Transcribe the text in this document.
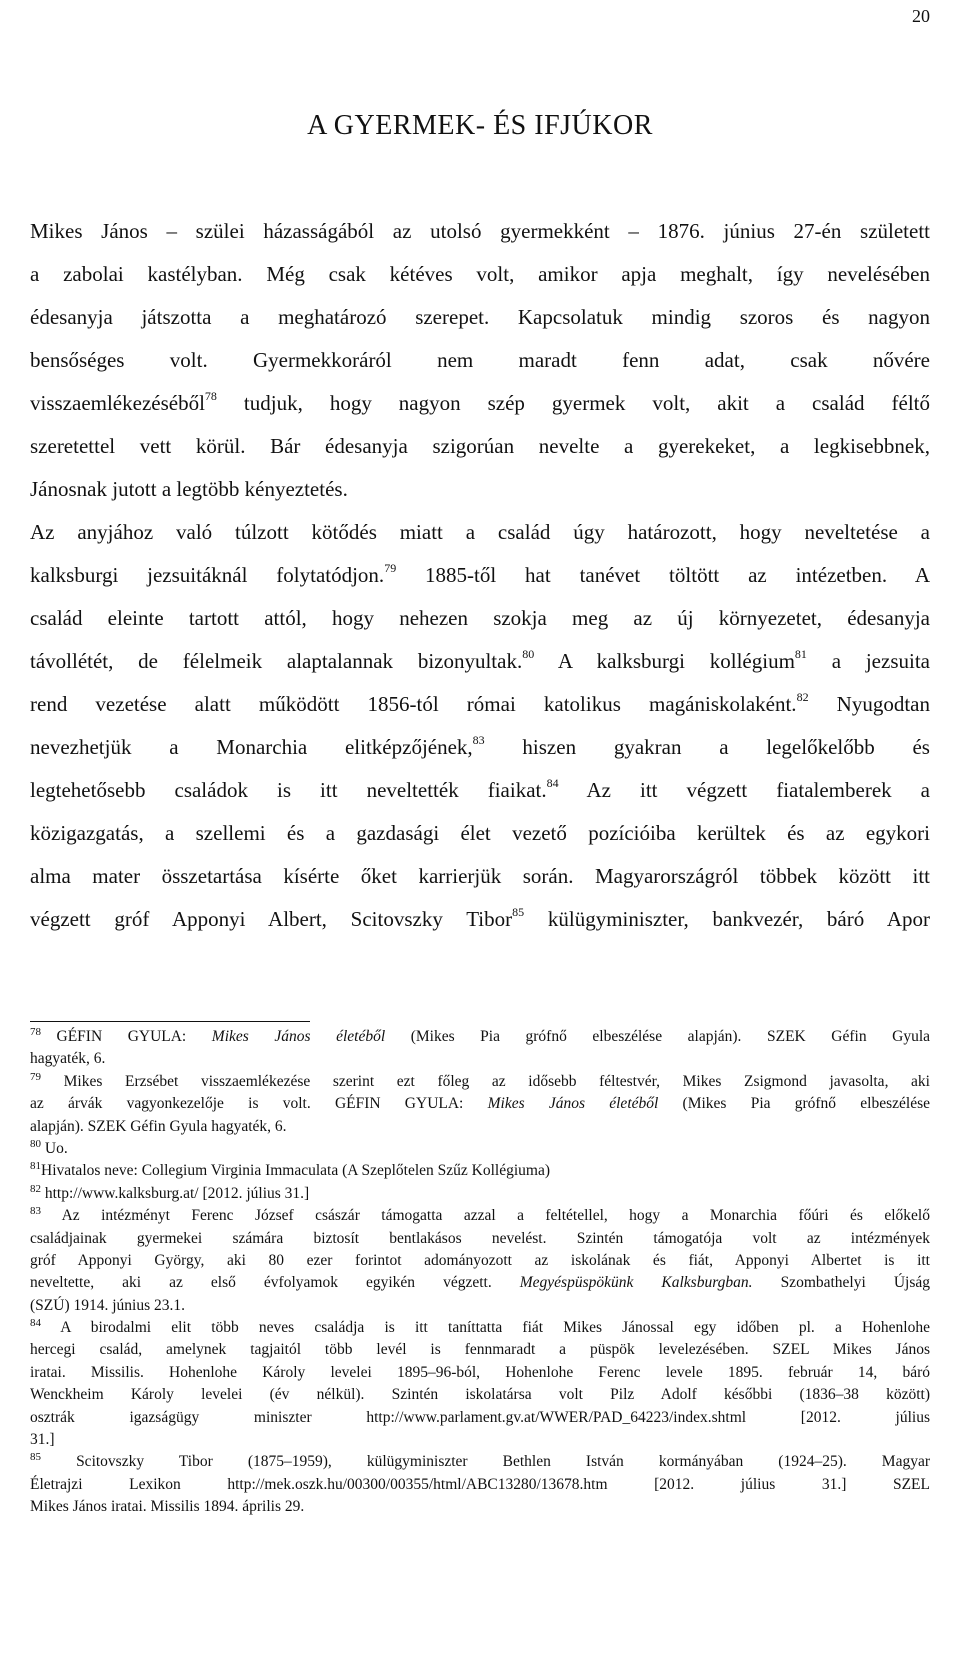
20
A GYERMEK- ÉS IFJÚKOR
Mikes János – szülei házasságából az utolsó gyermekként – 1876. június 27-én született
a zabolai kastélyban. Még csak kétéves volt, amikor apja meghalt, így nevelésében
édesanyja játszotta a meghatározó szerepet. Kapcsolatuk mindig szoros és nagyon
bensőséges volt. Gyermekkoráról nem maradt fenn adat, csak nővére
visszaemlékezéséből$^{78}$ tudjuk, hogy nagyon szép gyermek volt, akit a család féltő
szeretettel vett körül. Bár édesanyja szigorúan nevelte a gyerekeket, a legkisebbnek,
Jánosnak jutott a legtöbb kényeztetés.
Az anyjához való túlzott kötődés miatt a család úgy határozott, hogy neveltetése a
kalksburgi jezsuitáknál folytatódjon.$^{79}$ 1885-től hat tanévet töltött az intézetben. A
család eleinte tartott attól, hogy nehezen szokja meg az új környezetet, édesanyja
távollétét, de félelmeik alaptalannak bizonyultak.$^{80}$ A kalksburgi kollégium$^{81}$ a jezsuita
rend vezetése alatt működött 1856-tól római katolikus magániskolaként.$^{82}$ Nyugodtan
nevezhetjük a Monarchia elitképzőjének,$^{83}$ hiszen gyakran a legelőkelőbb és
legtehetősebb családok is itt neveltették fiaikat.$^{84}$ Az itt végzett fiatalemberek a
közigazgatás, a szellemi és a gazdasági élet vezető pozícióiba kerültek és az egykori
alma mater összetartása kísérte őket karrierjük során. Magyarországról többek között itt
végzett gróf Apponyi Albert, Scitovszky Tibor$^{85}$ külügyminiszter, bankvezér, báró Apor
$^{78}$  GÉFIN GYULA: Mikes János életéből (Mikes Pia grófnő elbeszélése alapján). SZEK Géfin Gyula
hagyaték, 6.
$^{79}$ Mikes Erzsébet visszaemlékezése szerint ezt főleg az idősebb féltestvér, Mikes Zsigmond javasolta, aki
az árvák vagyonkezelője is volt. GÉFIN GYULA: Mikes János életéből (Mikes Pia grófnő elbeszélése
alapján). SZEK Géfin Gyula hagyaték, 6.
$^{80}$ Uo.
$^{81}$Hivatalos neve: Collegium Virginia Immaculata (A Szeplőtelen Szűz Kollégiuma)
$^{82}$ http://www.kalksburg.at/ [2012. július 31.]
$^{83}$ Az intézményt Ferenc József császár támogatta azzal a feltétellel, hogy a Monarchia főúri és előkelő
családjainak gyermekei számára biztosít bentlakásos nevelést. Szintén támogatója volt az intézmények
gróf Apponyi György, aki 80 ezer forintot adományozott az iskolának és fiát, Apponyi Albertet is itt
neveltette, aki az első évfolyamok egyikén végzett. Megyéspüspökünk Kalksburgban. Szombathelyi Újság
(SZÚ) 1914. június 23.1.
$^{84}$ A birodalmi elit több neves családja is itt taníttatta fiát Mikes Jánossal egy időben pl. a Hohenlohe
hercegi család, amelynek tagjaitól több levél is fennmaradt a püspök levelezésében. SZEL Mikes János
iratai. Missilis. Hohenlohe Károly levelei 1895–96-ból, Hohenlohe Ferenc levele 1895. február 14, báró
Wenckheim Károly levelei (év nélkül). Szintén iskolatársa volt Pilz Adolf későbbi (1836–38 között)
osztrák igazságügy miniszter http://www.parlament.gv.at/WWER/PAD_64223/index.shtml [2012. július
31.]
$^{85}$ Scitovszky Tibor (1875–1959), külügyminiszter Bethlen István kormányában (1924–25). Magyar
Életrajzi Lexikon http://mek.oszk.hu/00300/00355/html/ABC13280/13678.htm [2012. július 31.] SZEL
Mikes János iratai. Missilis 1894. április 29.
